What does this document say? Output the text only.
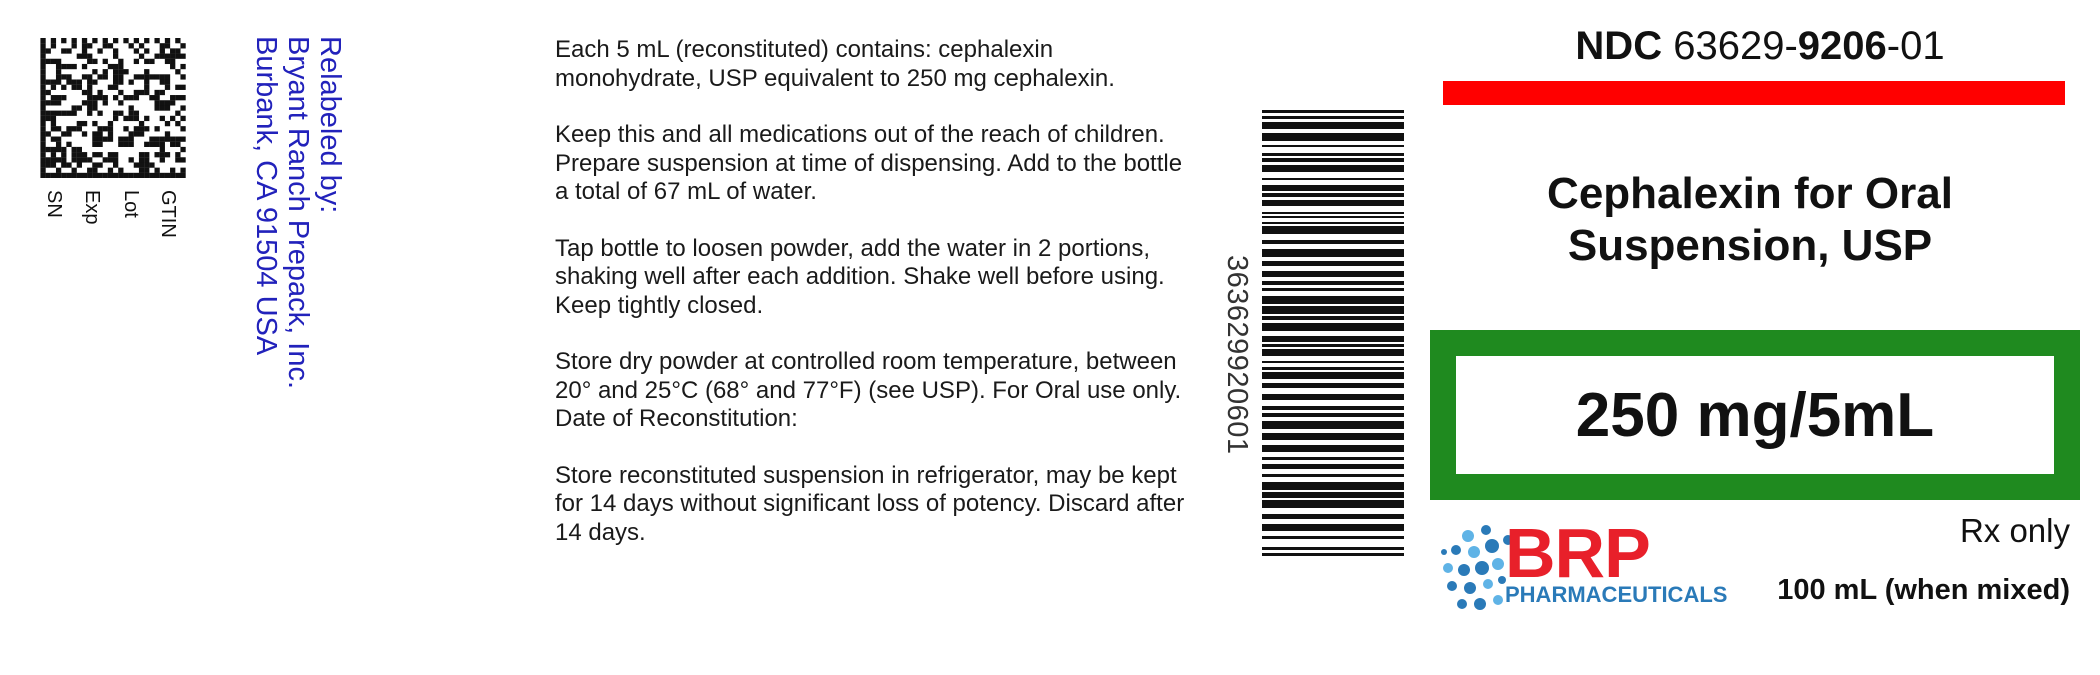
GTIN
Lot
Exp
SN	Relabeled by:
Bryant Ranch Prepack, Inc.
Burbank, CA 91504 USA	Each 5 mL (reconstituted) contains: cephalexin monohydrate, USP equivalent to 250 mg cephalexin.

Keep this and all medications out of the reach of children. Prepare suspension at time of dispensing. Add to the bottle a total of 67 mL of water.

Tap bottle to loosen powder, add the water in 2 portions, shaking well after each addition. Shake well before using. Keep tightly closed.

Store dry powder at controlled room temperature, between 20° and 25°C (68° and 77°F) (see USP). For Oral use only. Date of Reconstitution:

Store reconstituted suspension in refrigerator, may be kept for 14 days without significant loss of potency. Discard after 14 days.

363629920601
NDC 63629-9206-01
Cephalexin for Oral
Suspension, USP
250 mg/5mL
BRP
PHARMACEUTICALS
Rx only
100 mL (when mixed)
